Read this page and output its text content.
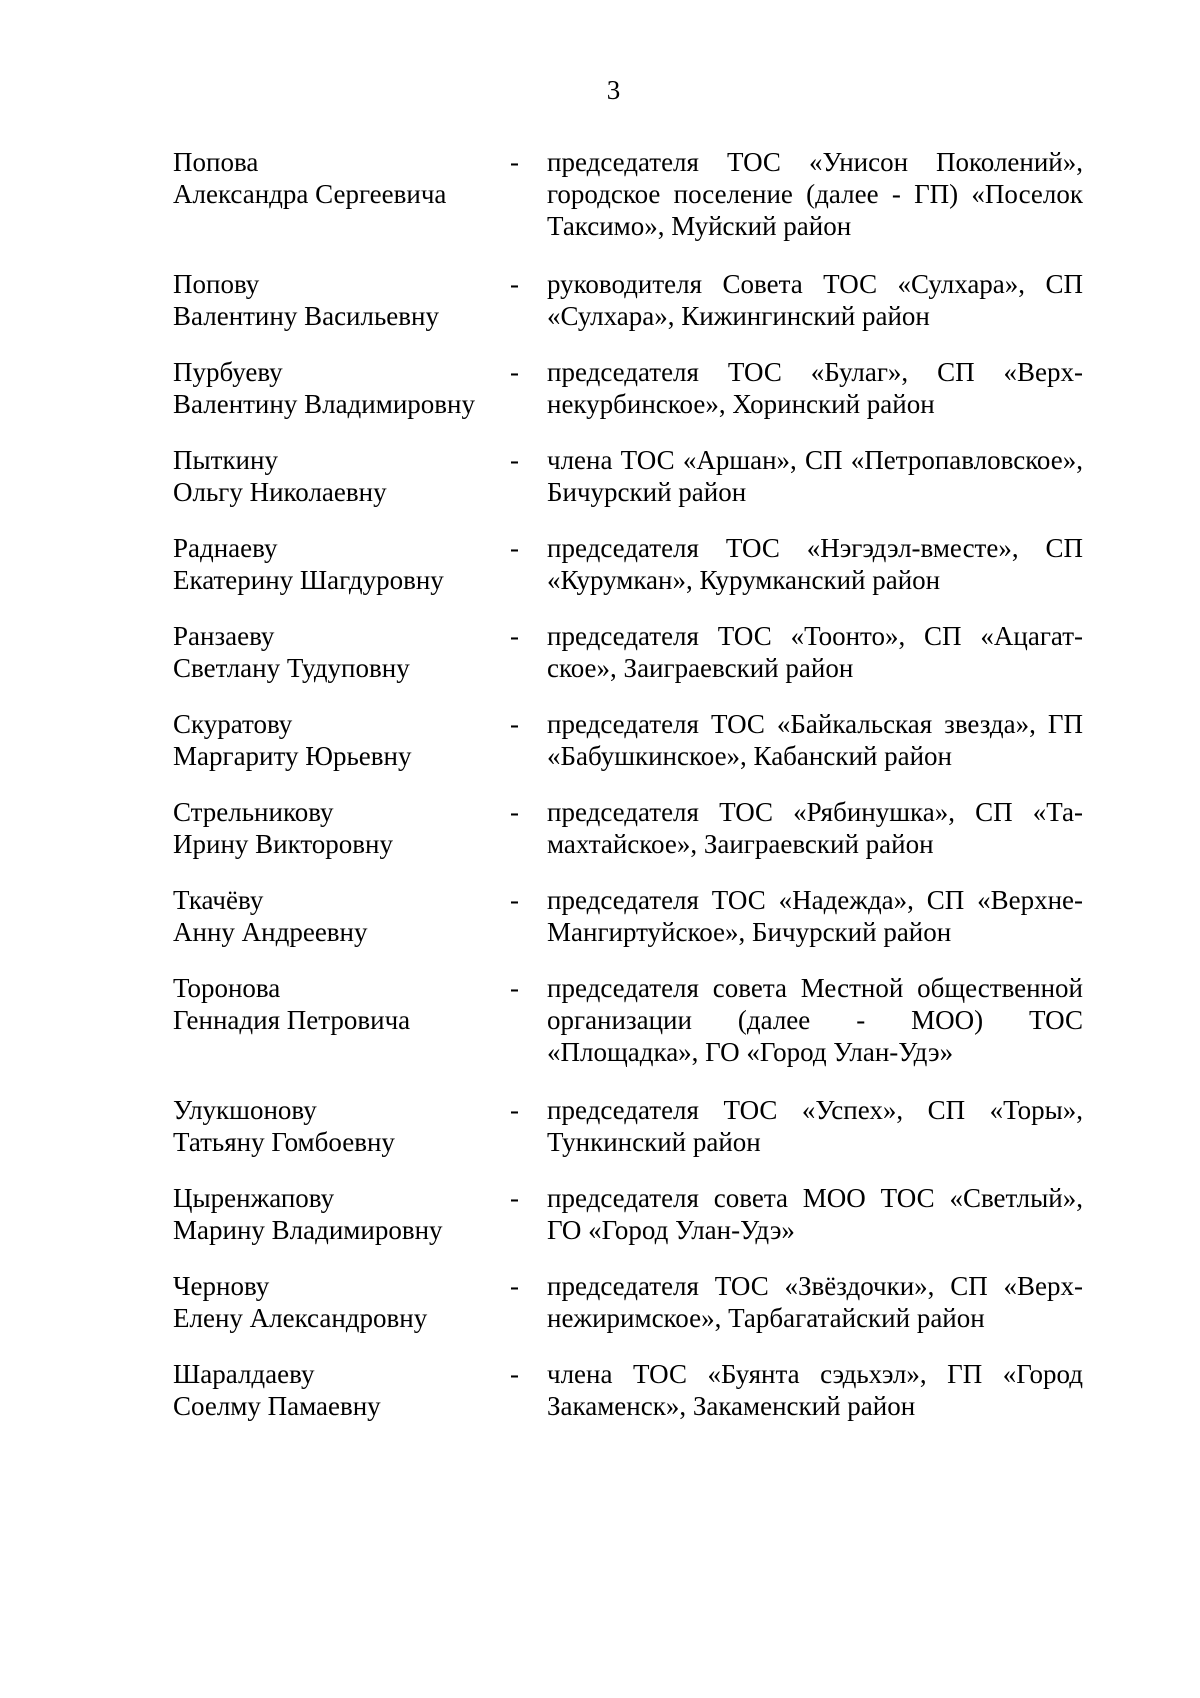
3
Попова
Александра Сергеевича
-	председателя ТОС «Унисон Поколений», городское поселение (далее - ГП) «Поселок Таксимо», Муйский район
Попову
Валентину Васильевну
-	руководителя Совета ТОС «Сулхара», СП «Сулхара», Кижингинский район
Пурбуеву
Валентину Владимировну
-	председателя ТОС «Булаг», СП «Верхнекурбинское», Хоринский район
Пыткину
Ольгу Николаевну
-	члена ТОС «Аршан», СП «Петропавловское», Бичурский район
Раднаеву
Екатерину Шагдуровну
-	председателя ТОС «Нэгэдэл-вместе», СП «Курумкан», Курумканский район
Ранзаеву
Светлану Тудуповну
-	председателя ТОС «Тоонто», СП «Ацагатское», Заиграевский район
Скуратову
Маргариту Юрьевну
-	председателя ТОС «Байкальская звезда», ГП «Бабушкинское», Кабанский район
Стрельникову
Ирину Викторовну
-	председателя ТОС «Рябинушка», СП «Тамахтайское», Заиграевский район
Ткачёву
Анну Андреевну
-	председателя ТОС «Надежда», СП «Верхне-Мангиртуйское», Бичурский район
Торонова
Геннадия Петровича
-	председателя совета Местной общественной организации (далее - МОО) ТОС «Площадка», ГО «Город Улан-Удэ»
Улукшонову
Татьяну Гомбоевну
-	председателя ТОС «Успех», СП «Торы», Тункинский район
Цыренжапову
Марину Владимировну
-	председателя совета МОО ТОС «Светлый», ГО «Город Улан-Удэ»
Чернову
Елену Александровну
-	председателя ТОС «Звёздочки», СП «Верхнежиримское», Тарбагатайский район
Шаралдаеву
Соелму Памаевну
-	члена ТОС «Буянта сэдьхэл», ГП «Город Закаменск», Закаменский район
